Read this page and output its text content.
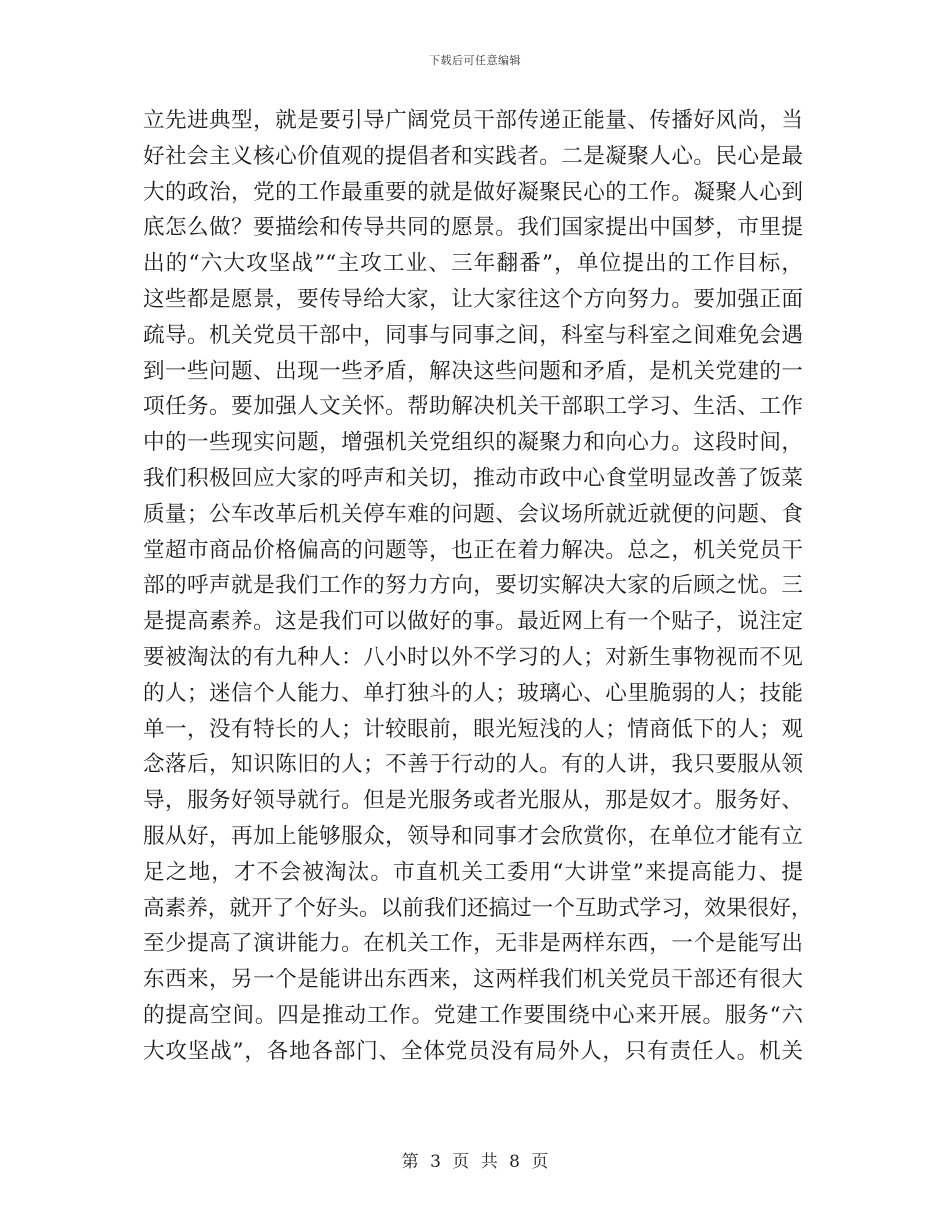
下载后可任意编辑
立先进典型，就是要引导广阔党员干部传递正能量、传播好风尚，当
好社会主义核心价值观的提倡者和实践者。二是凝聚人心。民心是最
大的政治，党的工作最重要的就是做好凝聚民心的工作。凝聚人心到
底怎么做？要描绘和传导共同的愿景。我们国家提出中国梦，市里提
出的“六大攻坚战”“主攻工业、三年翻番”，单位提出的工作目标，
这些都是愿景，要传导给大家，让大家往这个方向努力。要加强正面
疏导。机关党员干部中，同事与同事之间，科室与科室之间难免会遇
到一些问题、出现一些矛盾，解决这些问题和矛盾，是机关党建的一
项任务。要加强人文关怀。帮助解决机关干部职工学习、生活、工作
中的一些现实问题，增强机关党组织的凝聚力和向心力。这段时间，
我们积极回应大家的呼声和关切，推动市政中心食堂明显改善了饭菜
质量；公车改革后机关停车难的问题、会议场所就近就便的问题、食
堂超市商品价格偏高的问题等，也正在着力解决。总之，机关党员干
部的呼声就是我们工作的努力方向，要切实解决大家的后顾之忧。三
是提高素养。这是我们可以做好的事。最近网上有一个贴子，说注定
要被淘汰的有九种人：八小时以外不学习的人；对新生事物视而不见
的人；迷信个人能力、单打独斗的人；玻璃心、心里脆弱的人；技能
单一，没有特长的人；计较眼前，眼光短浅的人；情商低下的人；观
念落后，知识陈旧的人；不善于行动的人。有的人讲，我只要服从领
导，服务好领导就行。但是光服务或者光服从，那是奴才。服务好、
服从好，再加上能够服众，领导和同事才会欣赏你，在单位才能有立
足之地，才不会被淘汰。市直机关工委用“大讲堂”来提高能力、提
高素养，就开了个好头。以前我们还搞过一个互助式学习，效果很好，
至少提高了演讲能力。在机关工作，无非是两样东西，一个是能写出
东西来，另一个是能讲出东西来，这两样我们机关党员干部还有很大
的提高空间。四是推动工作。党建工作要围绕中心来开展。服务“六
大攻坚战”，各地各部门、全体党员没有局外人，只有责任人。机关
第 3 页 共 8 页
